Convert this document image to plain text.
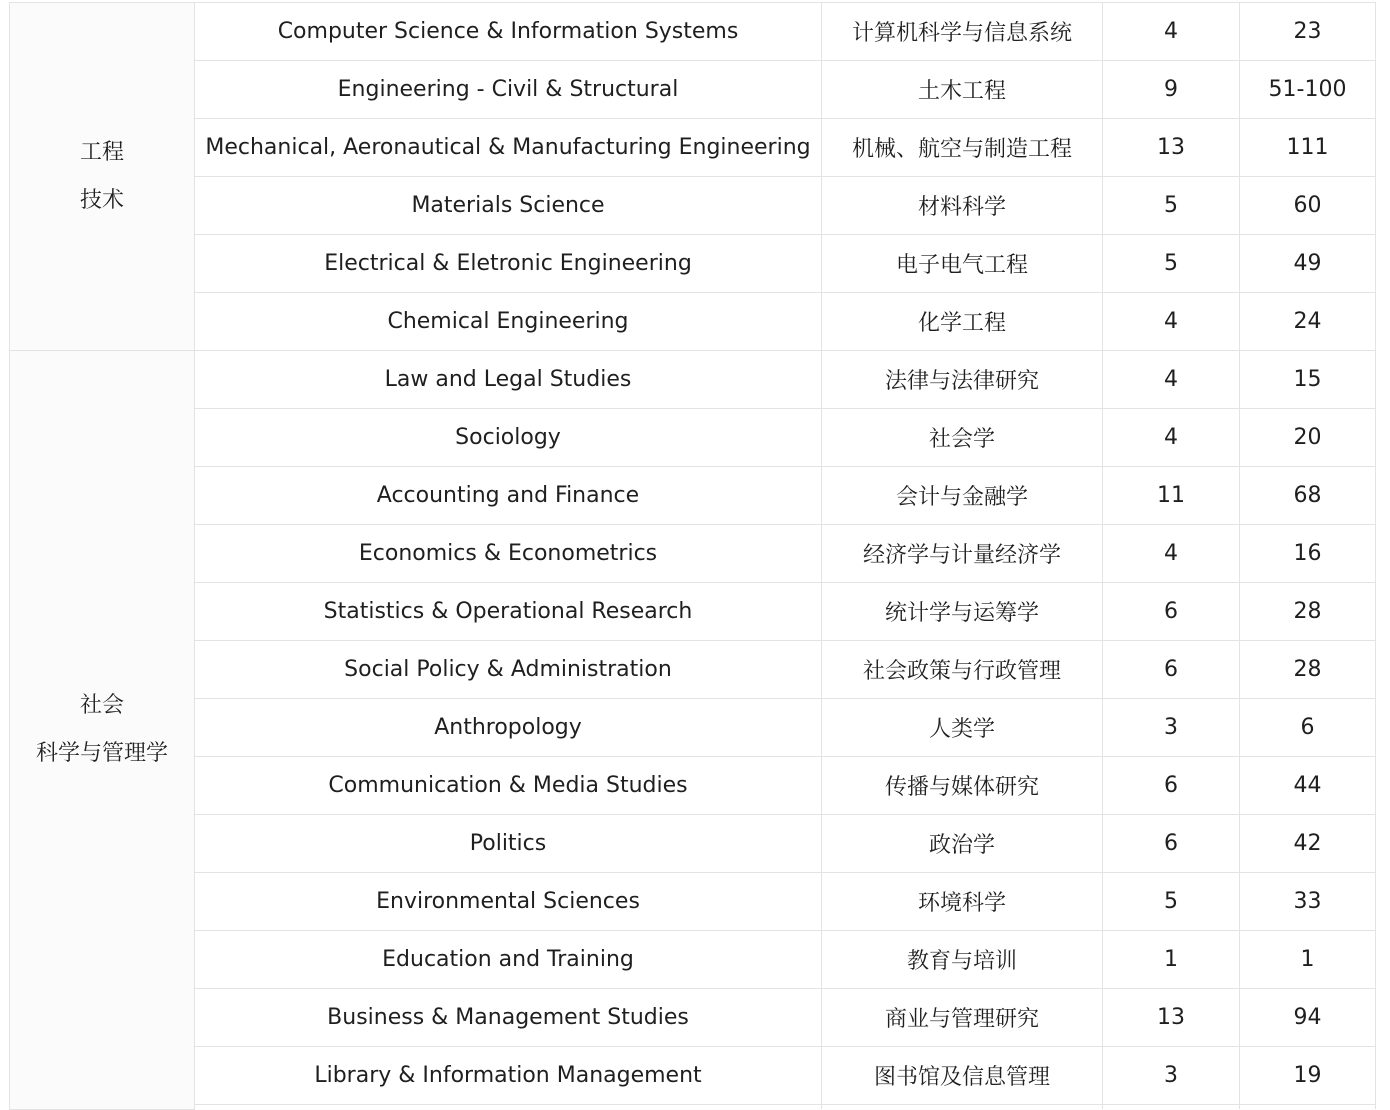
工程
技术	Computer Science & Information Systems	计算机科学与信息系统	4	23
	Engineering - Civil & Structural	土木工程	9	51-100
	Mechanical, Aeronautical & Manufacturing Engineering	机械、航空与制造工程	13	111
	Materials Science	材料科学	5	60
	Electrical & Eletronic Engineering	电子电气工程	5	49
	Chemical Engineering	化学工程	4	24

社会
科学与管理学	Law and Legal Studies	法律与法律研究	4	15
	Sociology	社会学	4	20
	Accounting and Finance	会计与金融学	11	68
	Economics & Econometrics	经济学与计量经济学	4	16
	Statistics & Operational Research	统计学与运筹学	6	28
	Social Policy & Administration	社会政策与行政管理	6	28
	Anthropology	人类学	3	6
	Communication & Media Studies	传播与媒体研究	6	44
	Politics	政治学	6	42
	Environmental Sciences	环境科学	5	33
	Education and Training	教育与培训	1	1
	Business & Management Studies	商业与管理研究	13	94
	Library & Information Management	图书馆及信息管理	3	19
